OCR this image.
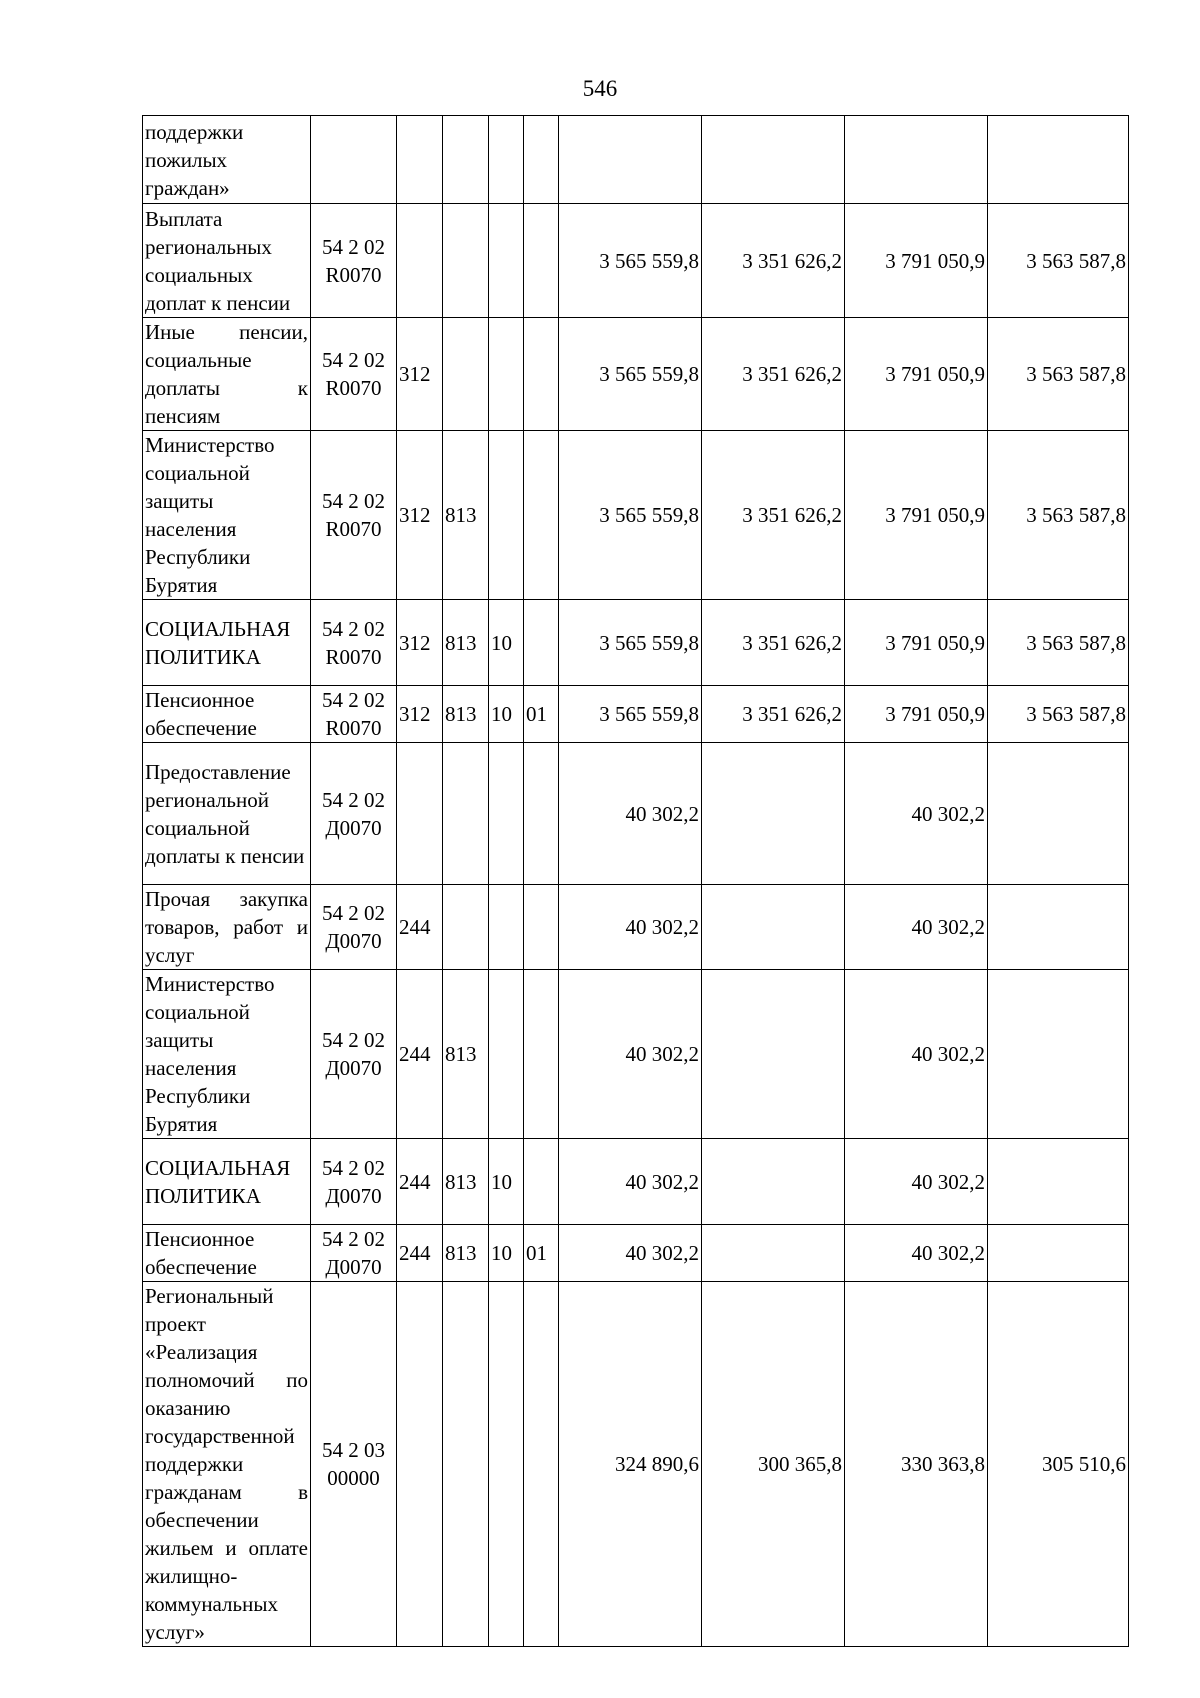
546
поддержки пожилых граждан»									
Выплата региональных социальных доплат к пенсии	54 2 02 R0070					3 565 559,8	3 351 626,2	3 791 050,9	3 563 587,8
Иные пенсии, социальные доплаты к пенсиям	54 2 02 R0070	312				3 565 559,8	3 351 626,2	3 791 050,9	3 563 587,8
Министерство социальной защиты населения Республики Бурятия	54 2 02 R0070	312	813			3 565 559,8	3 351 626,2	3 791 050,9	3 563 587,8
СОЦИАЛЬНАЯ ПОЛИТИКА	54 2 02 R0070	312	813	10		3 565 559,8	3 351 626,2	3 791 050,9	3 563 587,8
Пенсионное обеспечение	54 2 02 R0070	312	813	10	01	3 565 559,8	3 351 626,2	3 791 050,9	3 563 587,8
Предоставление региональной социальной доплаты к пенсии	54 2 02 Д0070					40 302,2		40 302,2	
Прочая закупка товаров, работ и услуг	54 2 02 Д0070	244				40 302,2		40 302,2	
Министерство социальной защиты населения Республики Бурятия	54 2 02 Д0070	244	813			40 302,2		40 302,2	
СОЦИАЛЬНАЯ ПОЛИТИКА	54 2 02 Д0070	244	813	10		40 302,2		40 302,2	
Пенсионное обеспечение	54 2 02 Д0070	244	813	10	01	40 302,2		40 302,2	
Региональный проект «Реализация полномочий по оказанию государственной поддержки гражданам в обеспечении жильем и оплате жилищно-коммунальных услуг»	54 2 03 00000					324 890,6	300 365,8	330 363,8	305 510,6
